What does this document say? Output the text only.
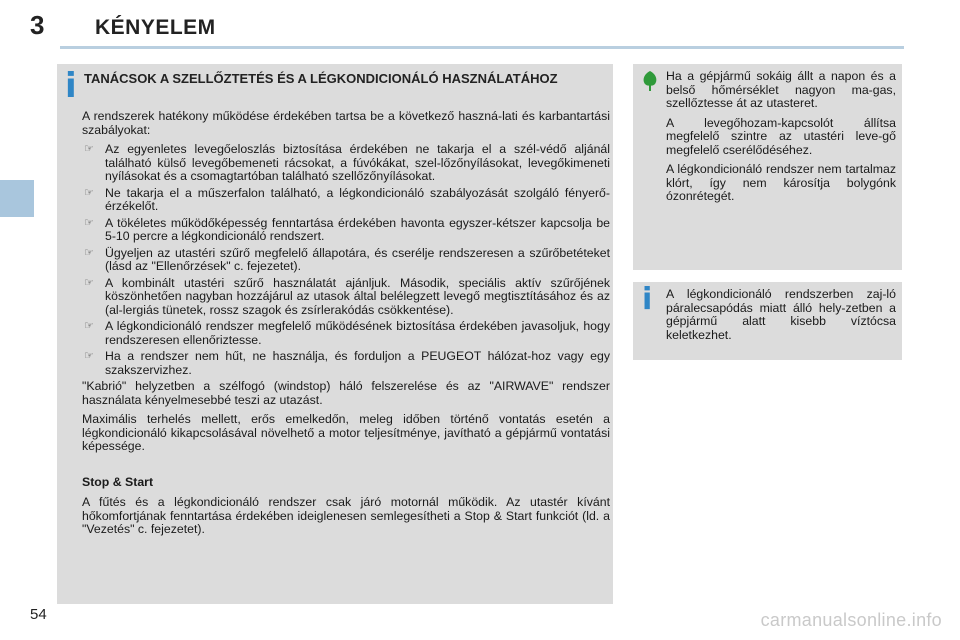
3 KÉNYELEM
i TANÁCSOK A SZELLŐZTETÉS ÉS A LÉGKONDICIONÁLÓ HASZNÁLATÁHOZ

A rendszerek hatékony működése érdekében tartsa be a következő haszná-lati és karbantartási szabályokat:

☞ Az egyenletes levegőeloszlás biztosítása érdekében ne takarja el a szél-védő aljánál található külső levegőbemeneti rácsokat, a fúvókákat, szel-lőzőnyílásokat, levegőkimeneti nyílásokat és a csomagtartóban található szellőzőnyílásokat.
☞ Ne takarja el a műszerfalon található, a légkondicionáló szabályozását szolgáló fényerő-érzékelőt.
☞ A tökéletes működőképesség fenntartása érdekében havonta egyszer-kétszer kapcsolja be 5-10 percre a légkondicionáló rendszert.
☞ Ügyeljen az utastéri szűrő megfelelő állapotára, és cserélje rendszeresen a szűrőbetéteket (lásd az "Ellenőrzések" c. fejezetet).
☞ A kombinált utastéri szűrő használatát ajánljuk. Második, speciális aktív szűrőjének köszönhetően nagyban hozzájárul az utasok által belélegzett levegő megtisztításához és az (al-lergiás tünetek, rossz szagok és zsírlerakódás csökkentése).
☞ A légkondicionáló rendszer megfelelő működésének biztosítása érdekében javasoljuk, hogy rendszeresen ellenőriztesse.
☞ Ha a rendszer nem hűt, ne használja, és forduljon a PEUGEOT hálózat-hoz vagy egy szakszervizhez.

"Kabrió" helyzetben a szélfogó (windstop) háló felszerelése és az "AIRWAVE" rendszer használata kényelmesebbé teszi az utazást.

Maximális terhelés mellett, erős emelkedőn, meleg időben történő vontatás esetén a légkondicionáló kikapcsolásával növelhető a motor teljesítménye, javítható a gépjármű vontatási képessége.

Stop & Start

A fűtés és a légkondicionáló rendszer csak járó motornál működik. Az utastér kívánt hőkomfortjának fenntartása érdekében ideiglenesen semlegesítheti a Stop & Start funkciót (ld. a "Vezetés" c. fejezetet).

Ha a gépjármű sokáig állt a napon és a belső hőmérséklet nagyon ma-gas, szellőztesse át az utasteret.

A levegőhozam-kapcsolót állítsa megfelelő szintre az utastéri leve-gő megfelelő cserélődéséhez.

A légkondicionáló rendszer nem tartalmaz klórt, így nem károsítja bolygónk ózonrétegét.

i A légkondicionáló rendszerben zaj-ló páralecsapódás miatt álló hely-zetben a gépjármű alatt kisebb víztócsa keletkezhet.
54	carmanualsonline.info
